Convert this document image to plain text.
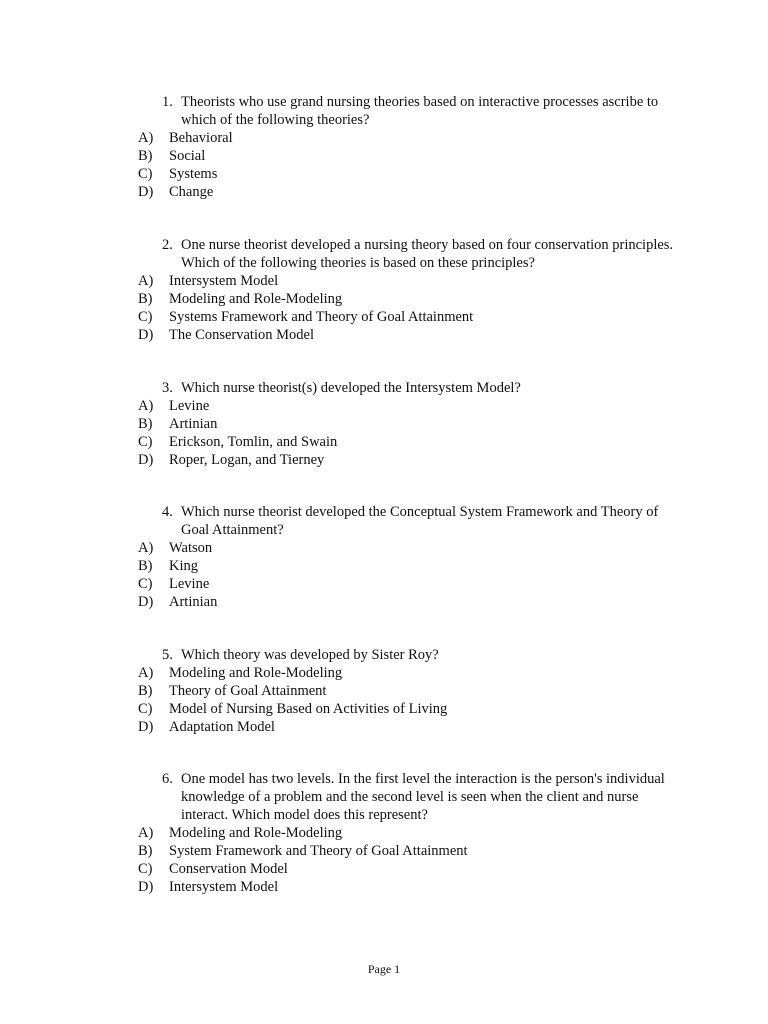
1. Theorists who use grand nursing theories based on interactive processes ascribe to which of the following theories?
A)	Behavioral
B)	Social
C)	Systems
D)	Change
2. One nurse theorist developed a nursing theory based on four conservation principles. Which of the following theories is based on these principles?
A)	Intersystem Model
B)	Modeling and Role-Modeling
C)	Systems Framework and Theory of Goal Attainment
D)	The Conservation Model
3. Which nurse theorist(s) developed the Intersystem Model?
A)	Levine
B)	Artinian
C)	Erickson, Tomlin, and Swain
D)	Roper, Logan, and Tierney
4. Which nurse theorist developed the Conceptual System Framework and Theory of Goal Attainment?
A)	Watson
B)	King
C)	Levine
D)	Artinian
5. Which theory was developed by Sister Roy?
A)	Modeling and Role-Modeling
B)	Theory of Goal Attainment
C)	Model of Nursing Based on Activities of Living
D)	Adaptation Model
6. One model has two levels. In the first level the interaction is the person's individual knowledge of a problem and the second level is seen when the client and nurse interact. Which model does this represent?
A)	Modeling and Role-Modeling
B)	System Framework and Theory of Goal Attainment
C)	Conservation Model
D)	Intersystem Model
Page 1
